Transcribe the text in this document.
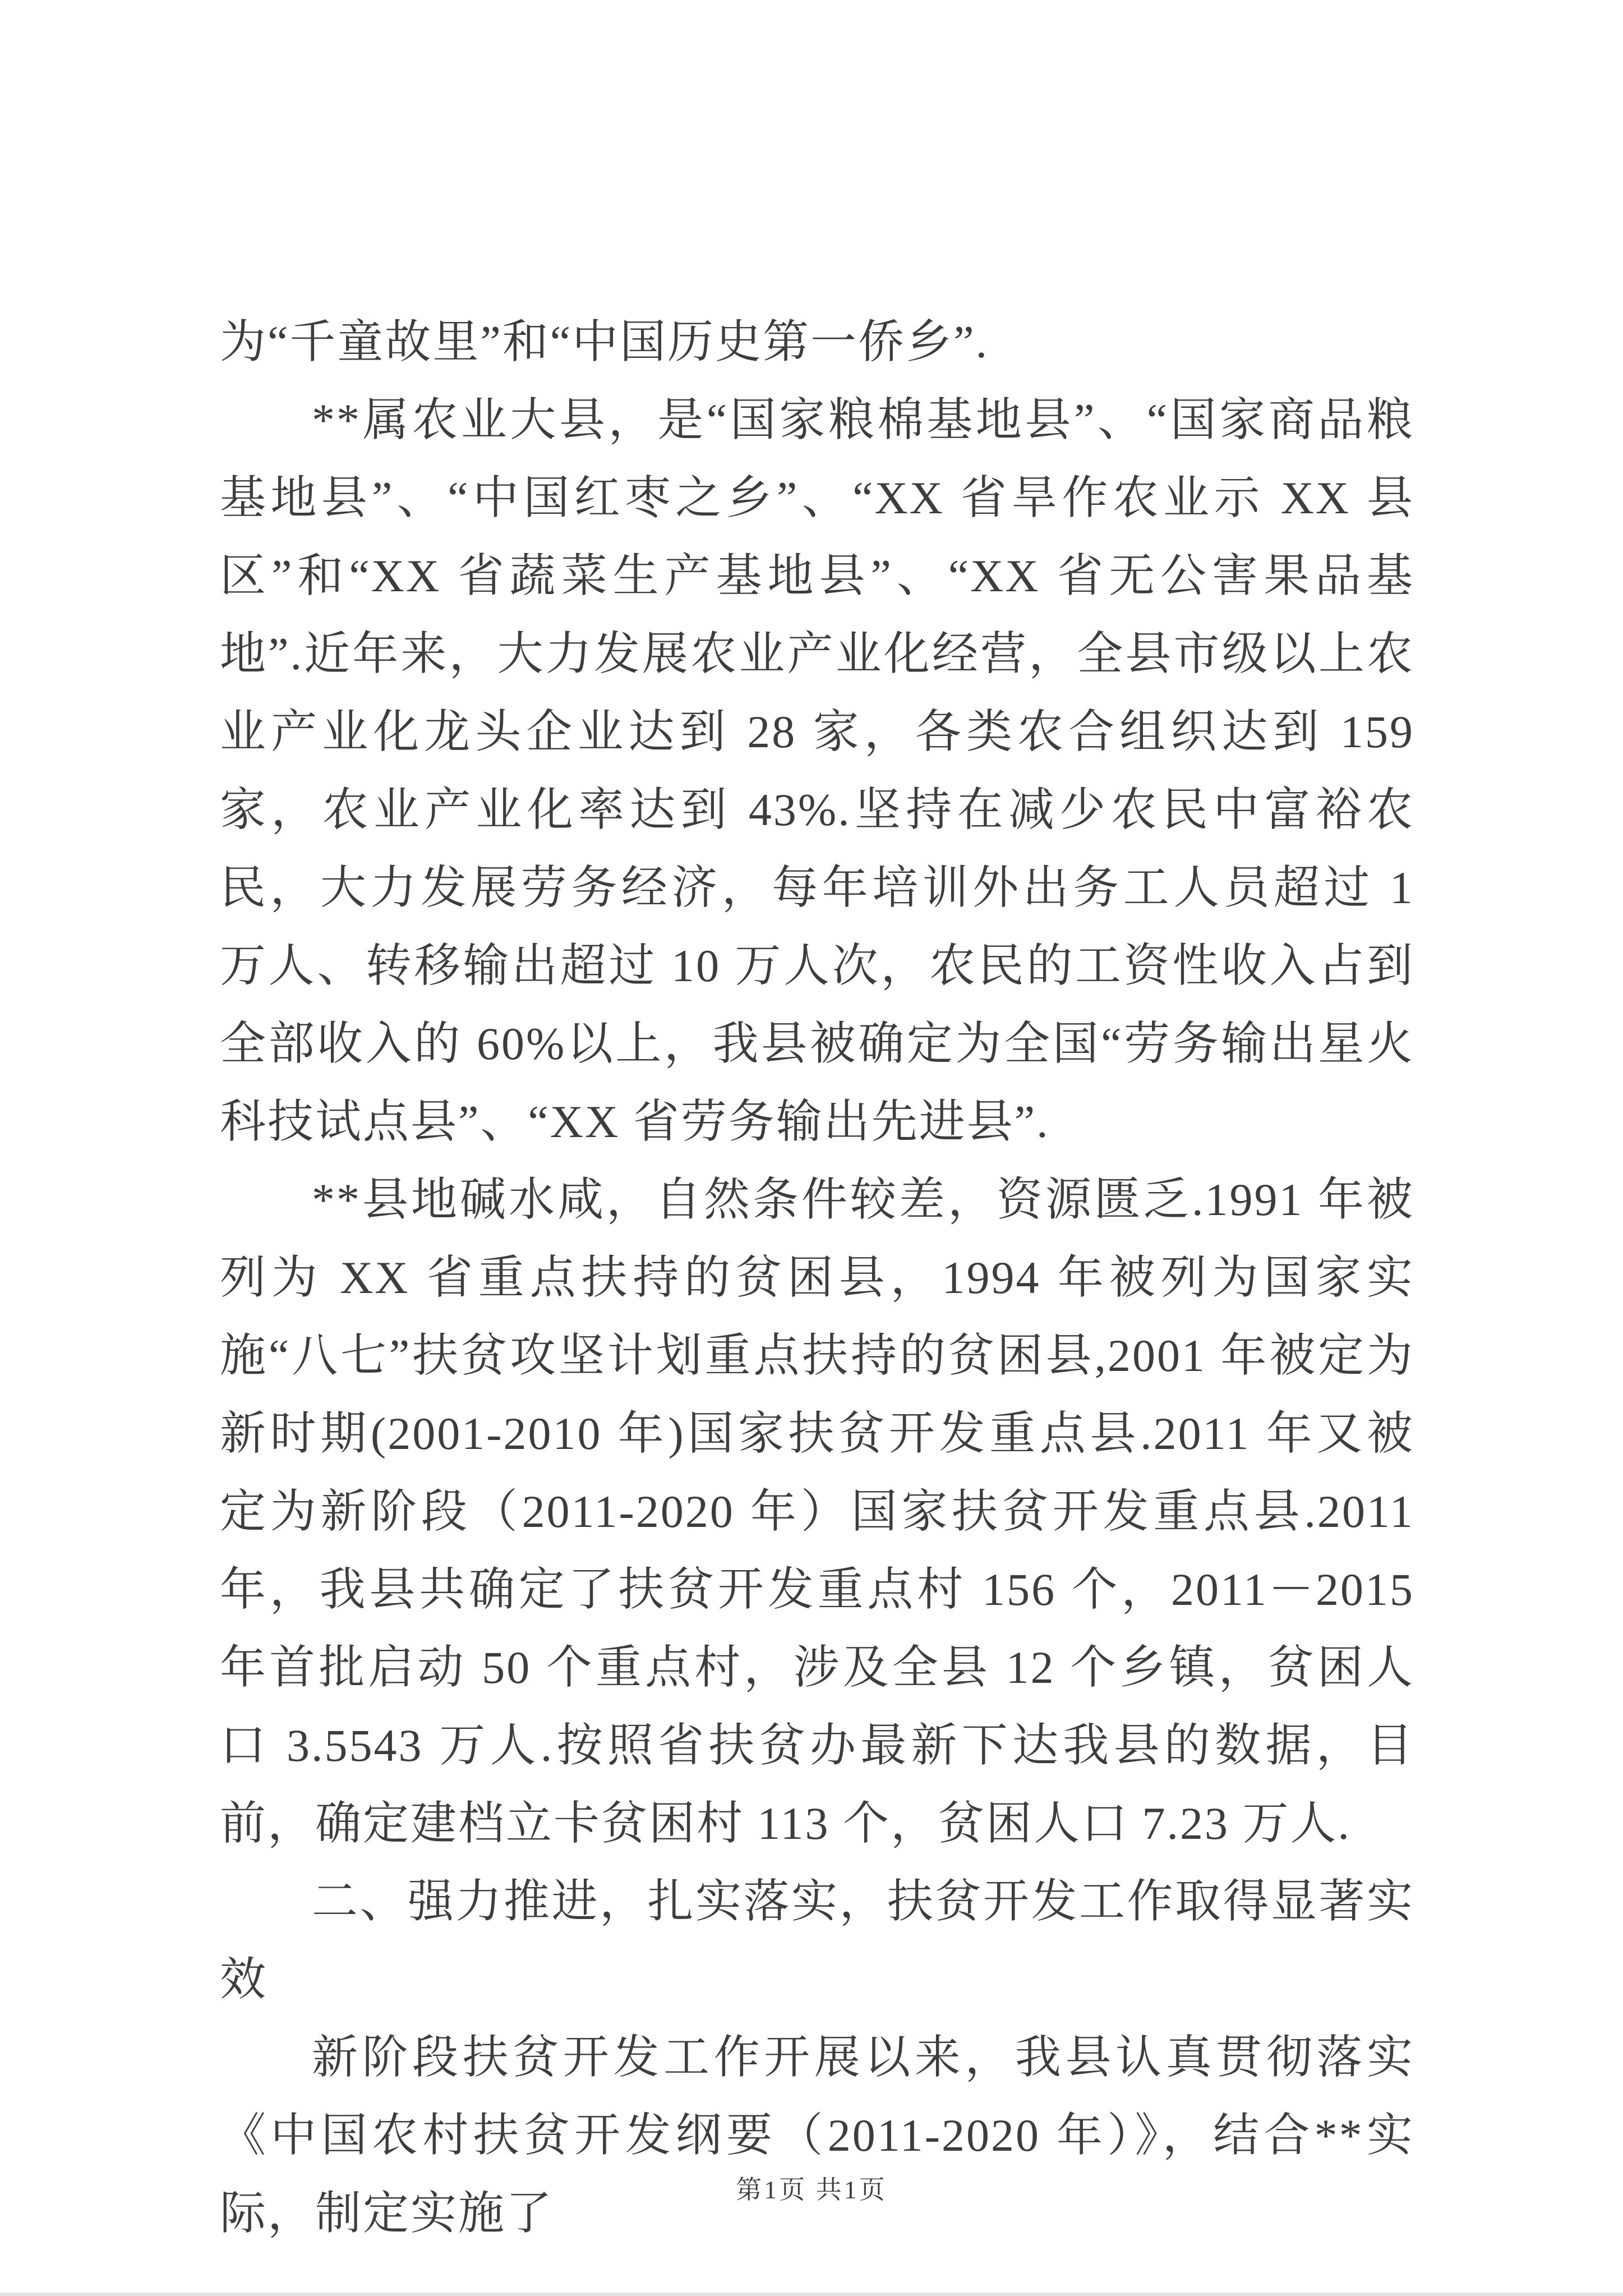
为“千童故里”和“中国历史第一侨乡”.

**属农业大县，是“国家粮棉基地县”、“国家商品粮基地县”、“中国红枣之乡”、“XX 省旱作农业示 XX 县区”和“XX 省蔬菜生产基地县”、“XX 省无公害果品基地”.近年来，大力发展农业产业化经营，全县市级以上农业产业化龙头企业达到 28 家，各类农合组织达到 159 家，农业产业化率达到 43%.坚持在减少农民中富裕农民，大力发展劳务经济，每年培训外出务工人员超过 1 万人、转移输出超过 10 万人次，农民的工资性收入占到全部收入的 60%以上，我县被确定为全国“劳务输出星火科技试点县”、“XX 省劳务输出先进县”.

**县地碱水咸，自然条件较差，资源匮乏.1991 年被列为 XX 省重点扶持的贫困县，1994 年被列为国家实施“八七”扶贫攻坚计划重点扶持的贫困县,2001 年被定为新时期(2001-2010 年)国家扶贫开发重点县.2011 年又被定为新阶段（2011-2020 年）国家扶贫开发重点县.2011 年，我县共确定了扶贫开发重点村 156 个，2011－2015 年首批启动 50 个重点村，涉及全县 12 个乡镇，贫困人口 3.5543 万人.按照省扶贫办最新下达我县的数据，目前，确定建档立卡贫困村 113 个，贫困人口 7.23 万人.

二、强力推进，扎实落实，扶贫开发工作取得显著实效

新阶段扶贫开发工作开展以来，我县认真贯彻落实《中国农村扶贫开发纲要（2011-2020 年）》，结合**实际，制定实施了	第1页 共1页
